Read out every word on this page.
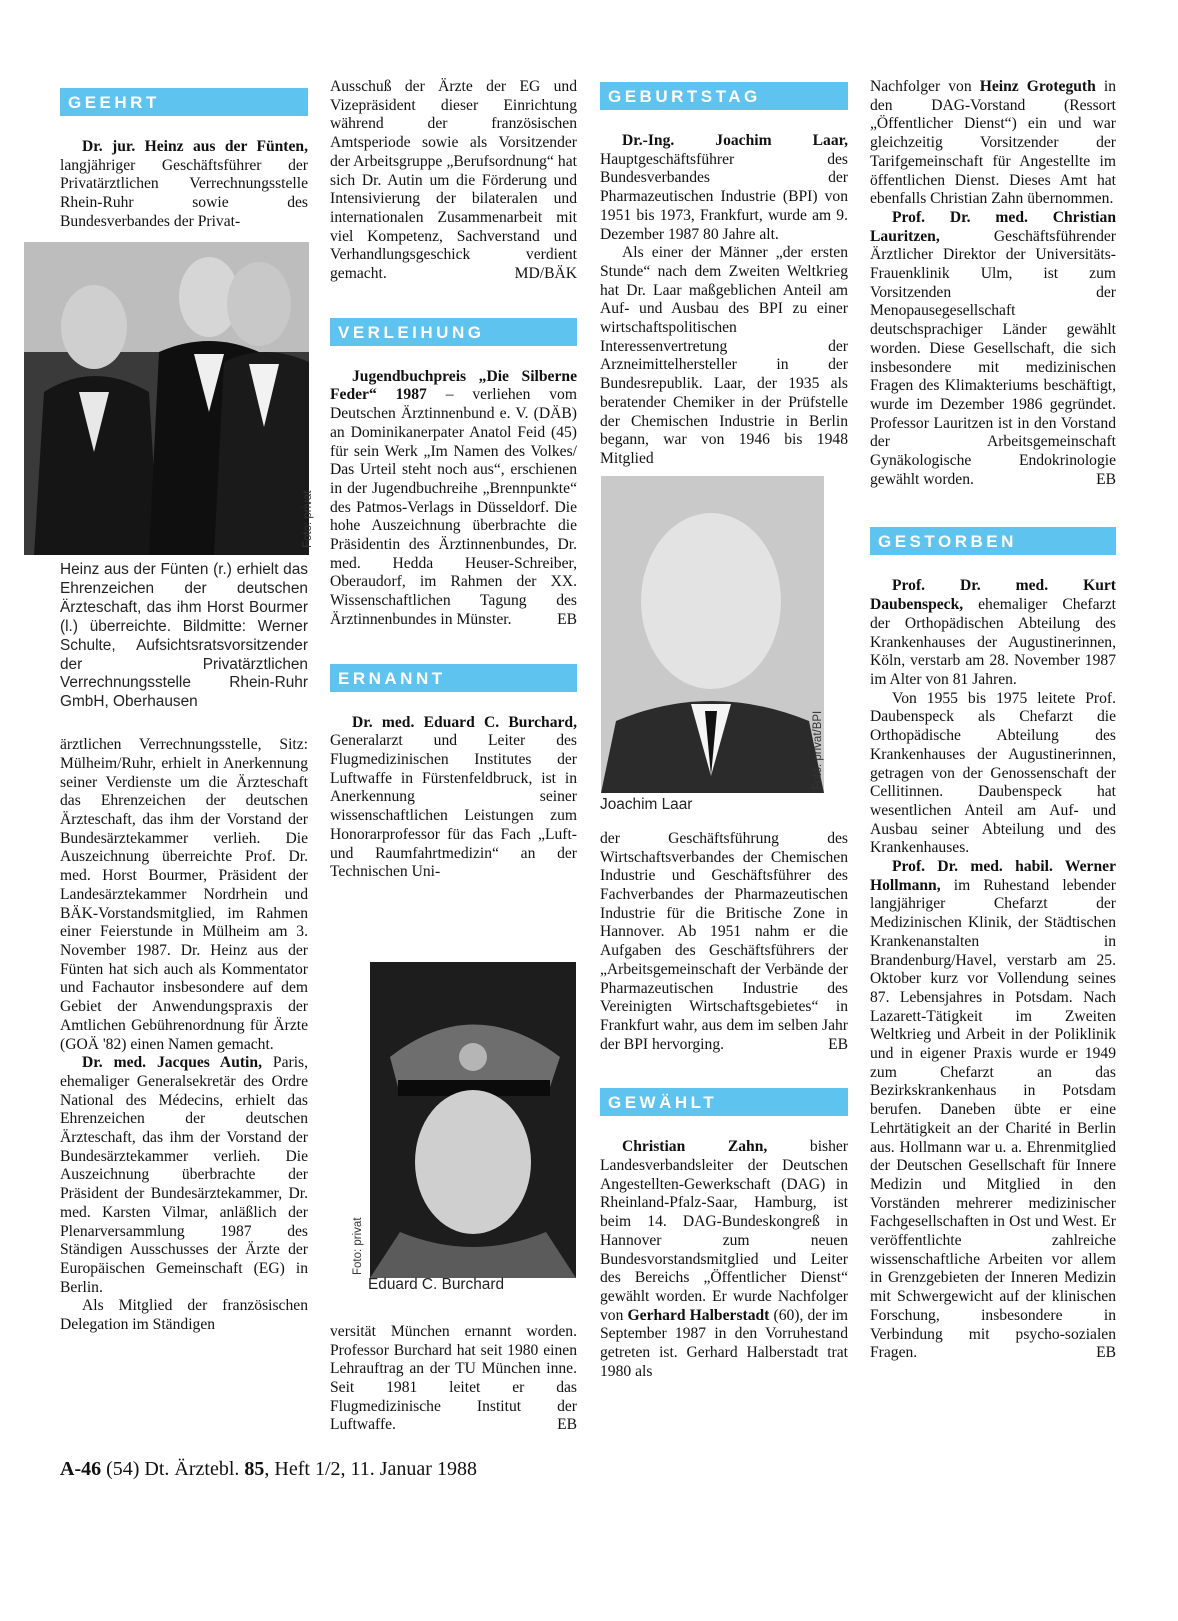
GEEHRT

Dr. jur. Heinz aus der Fünten, langjähriger Geschäftsführer der Privatärztlichen Verrechnungsstelle Rhein-Ruhr sowie des Bundesverbandes der Privat-

Foto: privat

Heinz aus der Fünten (r.) erhielt das Ehrenzeichen der deutschen Ärzteschaft, das ihm Horst Bourmer (l.) überreichte. Bildmitte: Werner Schulte, Aufsichtsratsvorsitzender der Privatärztlichen Verrechnungsstelle Rhein-Ruhr GmbH, Oberhausen

ärztlichen Verrechnungsstelle, Sitz: Mülheim/Ruhr, erhielt in Anerkennung seiner Verdienste um die Ärzteschaft das Ehrenzeichen der deutschen Ärzteschaft, das ihm der Vorstand der Bundesärztekammer verlieh. Die Auszeichnung überreichte Prof. Dr. med. Horst Bourmer, Präsident der Landesärztekammer Nordrhein und BÄK-Vorstandsmitglied, im Rahmen einer Feierstunde in Mülheim am 3. November 1987. Dr. Heinz aus der Fünten hat sich auch als Kommentator und Fachautor insbesondere auf dem Gebiet der Anwendungspraxis der Amtlichen Gebührenordnung für Ärzte (GOÄ '82) einen Namen gemacht.

Dr. med. Jacques Autin, Paris, ehemaliger Generalsekretär des Ordre National des Médecins, erhielt das Ehrenzeichen der deutschen Ärzteschaft, das ihm der Vorstand der Bundesärztekammer verlieh. Die Auszeichnung überbrachte der Präsident der Bundesärztekammer, Dr. med. Karsten Vilmar, anläßlich der Plenarversammlung 1987 des Ständigen Ausschusses der Ärzte der Europäischen Gemeinschaft (EG) in Berlin.

Als Mitglied der französischen Delegation im Ständigen

Ausschuß der Ärzte der EG und Vizepräsident dieser Einrichtung während der französischen Amtsperiode sowie als Vorsitzender der Arbeitsgruppe „Berufsordnung“ hat sich Dr. Autin um die Förderung und Intensivierung der bilateralen und internationalen Zusammenarbeit mit viel Kompetenz, Sachverstand und Verhandlungsgeschick verdient gemacht.	MD/BÄK

VERLEIHUNG

Jugendbuchpreis „Die Silberne Feder“ 1987 – verliehen vom Deutschen Ärztinnenbund e. V. (DÄB) an Dominikanerpater Anatol Feid (45) für sein Werk „Im Namen des Volkes/ Das Urteil steht noch aus“, erschienen in der Jugendbuchreihe „Brennpunkte“ des Patmos-Verlags in Düsseldorf. Die hohe Auszeichnung überbrachte die Präsidentin des Ärztinnenbundes, Dr. med. Hedda Heuser-Schreiber, Oberaudorf, im Rahmen der XX. Wissenschaftlichen Tagung des Ärztinnenbundes in Münster.	EB

ERNANNT

Dr. med. Eduard C. Burchard, Generalarzt und Leiter des Flugmedizinischen Institutes der Luftwaffe in Fürstenfeldbruck, ist in Anerkennung seiner wissenschaftlichen Leistungen zum Honorarprofessor für das Fach „Luft- und Raumfahrtmedizin“ an der Technischen Uni-

Foto: privat

Eduard C. Burchard

versität München ernannt worden. Professor Burchard hat seit 1980 einen Lehrauftrag an der TU München inne. Seit 1981 leitet er das Flugmedizinische Institut der Luftwaffe.	EB

GEBURTSTAG

Dr.-Ing. Joachim Laar, Hauptgeschäftsführer des Bundesverbandes der Pharmazeutischen Industrie (BPI) von 1951 bis 1973, Frankfurt, wurde am 9. Dezember 1987 80 Jahre alt.

Als einer der Männer „der ersten Stunde“ nach dem Zweiten Weltkrieg hat Dr. Laar maßgeblichen Anteil am Auf- und Ausbau des BPI zu einer wirtschaftspolitischen Interessenvertretung der Arzneimittelhersteller in der Bundesrepublik. Laar, der 1935 als beratender Chemiker in der Prüfstelle der Chemischen Industrie in Berlin begann, war von 1946 bis 1948 Mitglied

Foto: privat/BPI

Joachim Laar

der Geschäftsführung des Wirtschaftsverbandes der Chemischen Industrie und Geschäftsführer des Fachverbandes der Pharmazeutischen Industrie für die Britische Zone in Hannover. Ab 1951 nahm er die Aufgaben des Geschäftsführers der „Arbeitsgemeinschaft der Verbände der Pharmazeutischen Industrie des Vereinigten Wirtschaftsgebietes“ in Frankfurt wahr, aus dem im selben Jahr der BPI hervorging.	EB

GEWÄHLT

Christian Zahn, bisher Landesverbandsleiter der Deutschen Angestellten-Gewerkschaft (DAG) in Rheinland-Pfalz-Saar, Hamburg, ist beim 14. DAG-Bundeskongreß in Hannover zum neuen Bundesvorstandsmitglied und Leiter des Bereichs „Öffentlicher Dienst“ gewählt worden. Er wurde Nachfolger von Gerhard Halberstadt (60), der im September 1987 in den Vorruhestand getreten ist. Gerhard Halberstadt trat 1980 als

Nachfolger von Heinz Groteguth in den DAG-Vorstand (Ressort „Öffentlicher Dienst“) ein und war gleichzeitig Vorsitzender der Tarifgemeinschaft für Angestellte im öffentlichen Dienst. Dieses Amt hat ebenfalls Christian Zahn übernommen.

Prof. Dr. med. Christian Lauritzen, Geschäftsführender Ärztlicher Direktor der Universitäts-Frauenklinik Ulm, ist zum Vorsitzenden der Menopausegesellschaft deutschsprachiger Länder gewählt worden. Diese Gesellschaft, die sich insbesondere mit medizinischen Fragen des Klimakteriums beschäftigt, wurde im Dezember 1986 gegründet. Professor Lauritzen ist in den Vorstand der Arbeitsgemeinschaft Gynäkologische Endokrinologie gewählt worden.	EB

GESTORBEN

Prof. Dr. med. Kurt Daubenspeck, ehemaliger Chefarzt der Orthopädischen Abteilung des Krankenhauses der Augustinerinnen, Köln, verstarb am 28. November 1987 im Alter von 81 Jahren.

Von 1955 bis 1975 leitete Prof. Daubenspeck als Chefarzt die Orthopädische Abteilung des Krankenhauses der Augustinerinnen, getragen von der Genossenschaft der Cellitinnen. Daubenspeck hat wesentlichen Anteil am Auf- und Ausbau seiner Abteilung und des Krankenhauses.

Prof. Dr. med. habil. Werner Hollmann, im Ruhestand lebender langjähriger Chefarzt der Medizinischen Klinik, der Städtischen Krankenanstalten in Brandenburg/Havel, verstarb am 25. Oktober kurz vor Vollendung seines 87. Lebensjahres in Potsdam. Nach Lazarett-Tätigkeit im Zweiten Weltkrieg und Arbeit in der Poliklinik und in eigener Praxis wurde er 1949 zum Chefarzt an das Bezirkskrankenhaus in Potsdam berufen. Daneben übte er eine Lehrtätigkeit an der Charité in Berlin aus. Hollmann war u. a. Ehrenmitglied der Deutschen Gesellschaft für Innere Medizin und Mitglied in den Vorständen mehrerer medizinischer Fachgesellschaften in Ost und West. Er veröffentlichte zahlreiche wissenschaftliche Arbeiten vor allem in Grenzgebieten der Inneren Medizin mit Schwergewicht auf der klinischen Forschung, insbesondere in Verbindung mit psycho-sozialen Fragen.	EB

A-46 (54) Dt. Ärztebl. 85, Heft 1/2, 11. Januar 1988
